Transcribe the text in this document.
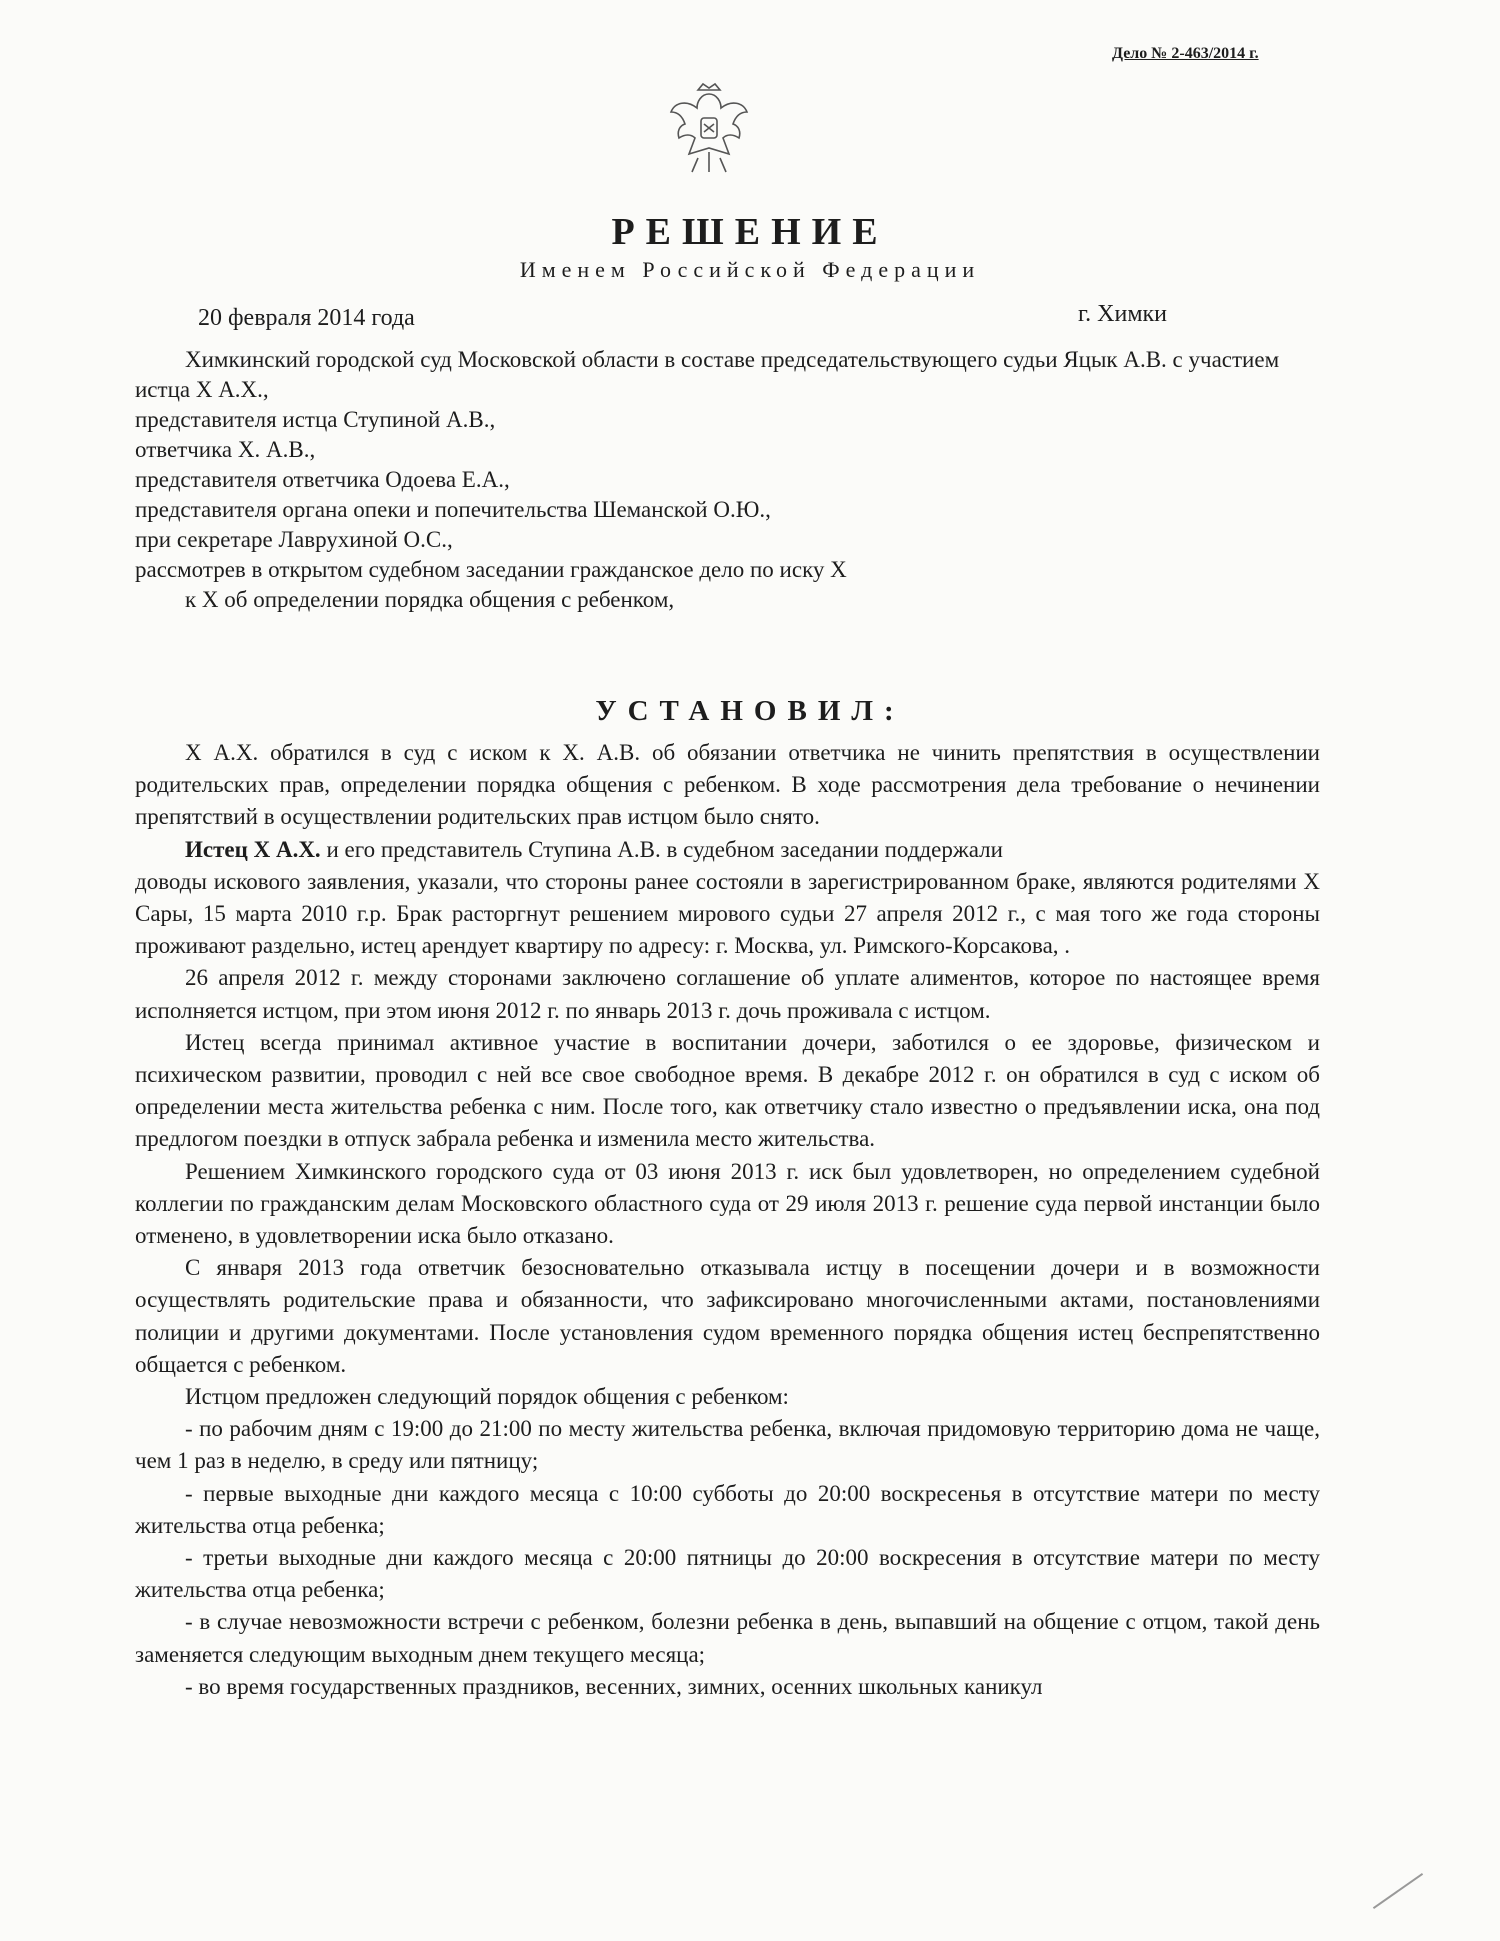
Дело № 2-463/2014 г.
РЕШЕНИЕ
Именем Российской Федерации
20 февраля 2014 года	г. Химки

Химкинский городской суд Московской области в составе председательствующего судьи Яцык А.В. с участием

истца Х А.Х.,

представителя истца Ступиной А.В.,

ответчика Х. А.В.,

представителя ответчика Одоева Е.А.,

представителя органа опеки и попечительства Шеманской О.Ю.,

при секретаре Лаврухиной О.С.,

рассмотрев в открытом судебном заседании гражданское дело по иску Х

к Х об определении порядка общения с ребенком,

УСТАНОВИЛ:

Х А.Х. обратился в суд с иском к Х. А.В. об обязании ответчика не чинить препятствия в осуществлении родительских прав, определении порядка общения с ребенком. В ходе рассмотрения дела требование о нечинении препятствий в осуществлении родительских прав истцом было снято.

Истец Х А.Х. и его представитель Ступина А.В. в судебном заседании поддержали

доводы искового заявления, указали, что стороны ранее состояли в зарегистрированном браке, являются родителями Х Сары, 15 марта 2010 г.р. Брак расторгнут решением мирового судьи 27 апреля 2012 г., с мая того же года стороны проживают раздельно, истец арендует квартиру по адресу: г. Москва, ул. Римского-Корсакова, .

26 апреля 2012 г. между сторонами заключено соглашение об уплате алиментов, которое по настоящее время исполняется истцом, при этом июня 2012 г. по январь 2013 г. дочь проживала с истцом.

Истец всегда принимал активное участие в воспитании дочери, заботился о ее здоровье, физическом и психическом развитии, проводил с ней все свое свободное время. В декабре 2012 г. он обратился в суд с иском об определении места жительства ребенка с ним. После того, как ответчику стало известно о предъявлении иска, она под предлогом поездки в отпуск забрала ребенка и изменила место жительства.

Решением Химкинского городского суда от 03 июня 2013 г. иск был удовлетворен, но определением судебной коллегии по гражданским делам Московского областного суда от 29 июля 2013 г. решение суда первой инстанции было отменено, в удовлетворении иска было отказано.

С января 2013 года ответчик безосновательно отказывала истцу в посещении дочери и в возможности осуществлять родительские права и обязанности, что зафиксировано многочисленными актами, постановлениями полиции и другими документами. После установления судом временного порядка общения истец беспрепятственно общается с ребенком.

Истцом предложен следующий порядок общения с ребенком:

- по рабочим дням с 19:00 до 21:00 по месту жительства ребенка, включая придомовую территорию дома не чаще, чем 1 раз в неделю, в среду или пятницу;

- первые выходные дни каждого месяца с 10:00 субботы до 20:00 воскресенья в отсутствие матери по месту жительства отца ребенка;

- третьи выходные дни каждого месяца с 20:00 пятницы до 20:00 воскресения в отсутствие матери по месту жительства отца ребенка;

- в случае невозможности встречи с ребенком, болезни ребенка в день, выпавший на общение с отцом, такой день заменяется следующим выходным днем текущего месяца;

- во время государственных праздников, весенних, зимних, осенних школьных каникул
